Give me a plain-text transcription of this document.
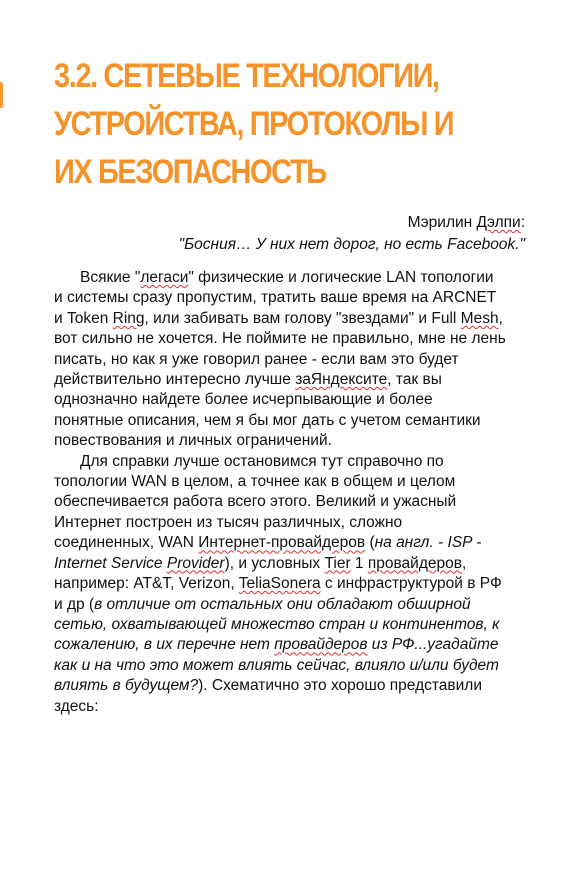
3.2. СЕТЕВЫЕ ТЕХНОЛОГИИ, УСТРОЙСТВА, ПРОТОКОЛЫ И ИХ БЕЗОПАСНОСТЬ
Мэрилин Дэлпи:
"Босния… У них нет дорог, но есть Facebook."

Всякие "легаси" физические и логические LAN топологии и системы сразу пропустим, тратить ваше время на ARCNET и Token Ring, или забивать вам голову "звездами" и Full Mesh, вот сильно не хочется. Не поймите не правильно, мне не лень писать, но как я уже говорил ранее - если вам это будет действительно интересно лучше заЯндексите, так вы однозначно найдете более исчерпывающие и более понятные описания, чем я бы мог дать с учетом семантики повествования и личных ограничений.

Для справки лучше остановимся тут справочно по топологии WAN в целом, а точнее как в общем и целом обеспечивается работа всего этого. Великий и ужасный Интернет построен из тысяч различных, сложно соединенных, WAN Интернет-провайдеров (на англ. - ISP - Internet Service Provider), и условных Tier 1 провайдеров, например: AT&T, Verizon, TeliaSonera с инфраструктурой в РФ и др (в отличие от остальных они обладают обширной сетью, охватывающей множество стран и континентов, к сожалению, в их перечне нет провайдеров из РФ...угадайте как и на что это может влиять сейчас, влияло и/или будет влиять в будущем?). Схематично это хорошо представили здесь:
